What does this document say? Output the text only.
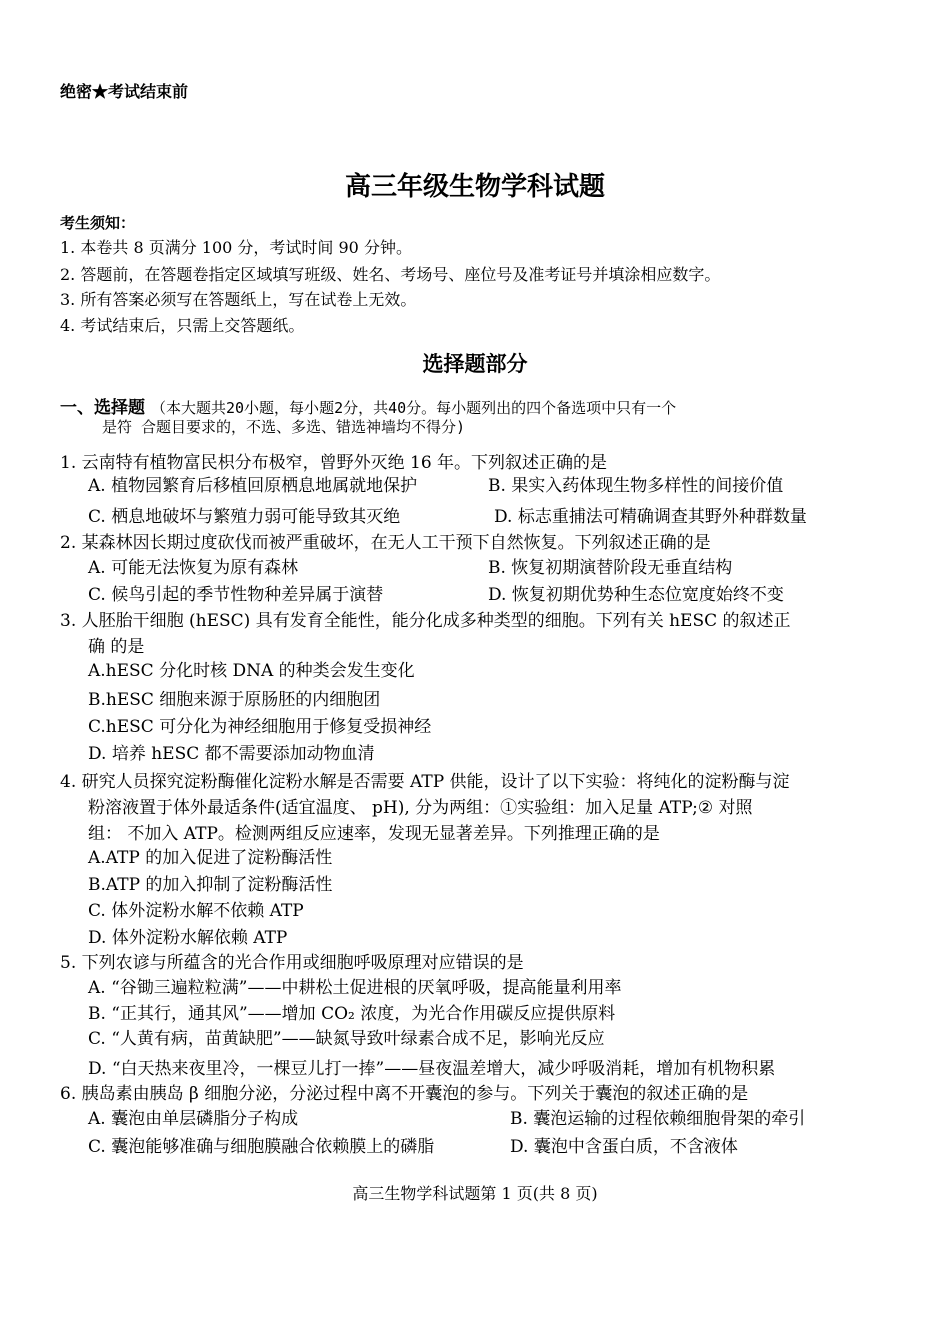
绝密★考试结束前
高三年级生物学科试题
考生须知：
1. 本卷共 8 页满分 100 分，考试时间 90 分钟。
2. 答题前，在答题卷指定区域填写班级、姓名、考场号、座位号及准考证号并填涂相应数字。
3. 所有答案必须写在答题纸上，写在试卷上无效。
4. 考试结束后，只需上交答题纸。
选择题部分
一、选择题 （本大题共20小题，每小题2分，共40分。每小题列出的四个备选项中只有一个
是符 合题目要求的，不选、多选、错选神墙均不得分)
1. 云南特有植物富民枳分布极窄，曾野外灭绝 16 年。下列叙述正确的是
A. 植物园繁育后移植回原栖息地属就地保护	B. 果实入药体现生物多样性的间接价值
C. 栖息地破坏与繁殖力弱可能导致其灭绝	D. 标志重捕法可精确调查其野外种群数量
2. 某森林因长期过度砍伐而被严重破坏，在无人工干预下自然恢复。下列叙述正确的是
A. 可能无法恢复为原有森林	B. 恢复初期演替阶段无垂直结构
C. 候鸟引起的季节性物种差异属于演替	D. 恢复初期优势种生态位宽度始终不变
3. 人胚胎干细胞 (hESC) 具有发育全能性，能分化成多种类型的细胞。下列有关 hESC 的叙述正
确 的是
A.hESC 分化时核 DNA 的种类会发生变化
B.hESC 细胞来源于原肠胚的内细胞团
C.hESC 可分化为神经细胞用于修复受损神经
D. 培养 hESC 都不需要添加动物血清
4. 研究人员探究淀粉酶催化淀粉水解是否需要 ATP 供能，设计了以下实验：将纯化的淀粉酶与淀
粉溶液置于体外最适条件(适宜温度、 pH), 分为两组：①实验组：加入足量 ATP;② 对照
组： 不加入 ATP。检测两组反应速率，发现无显著差异。下列推理正确的是
A.ATP 的加入促进了淀粉酶活性
B.ATP 的加入抑制了淀粉酶活性
C. 体外淀粉水解不依赖 ATP
D. 体外淀粉水解依赖 ATP
5. 下列农谚与所蕴含的光合作用或细胞呼吸原理对应错误的是
A. “谷锄三遍粒粒满”——中耕松土促进根的厌氧呼吸，提高能量利用率
B. “正其行，通其风”——增加 CO₂ 浓度，为光合作用碳反应提供原料
C. “人黄有病，苗黄缺肥”——缺氮导致叶绿素合成不足，影响光反应
D. “白天热来夜里冷，一棵豆儿打一捧”——昼夜温差增大，减少呼吸消耗，增加有机物积累
6. 胰岛素由胰岛 β 细胞分泌，分泌过程中离不开囊泡的参与。下列关于囊泡的叙述正确的是
A. 囊泡由单层磷脂分子构成	B. 囊泡运输的过程依赖细胞骨架的牵引
C. 囊泡能够准确与细胞膜融合依赖膜上的磷脂	D. 囊泡中含蛋白质，不含液体
高三生物学科试题第 1 页(共 8 页)
